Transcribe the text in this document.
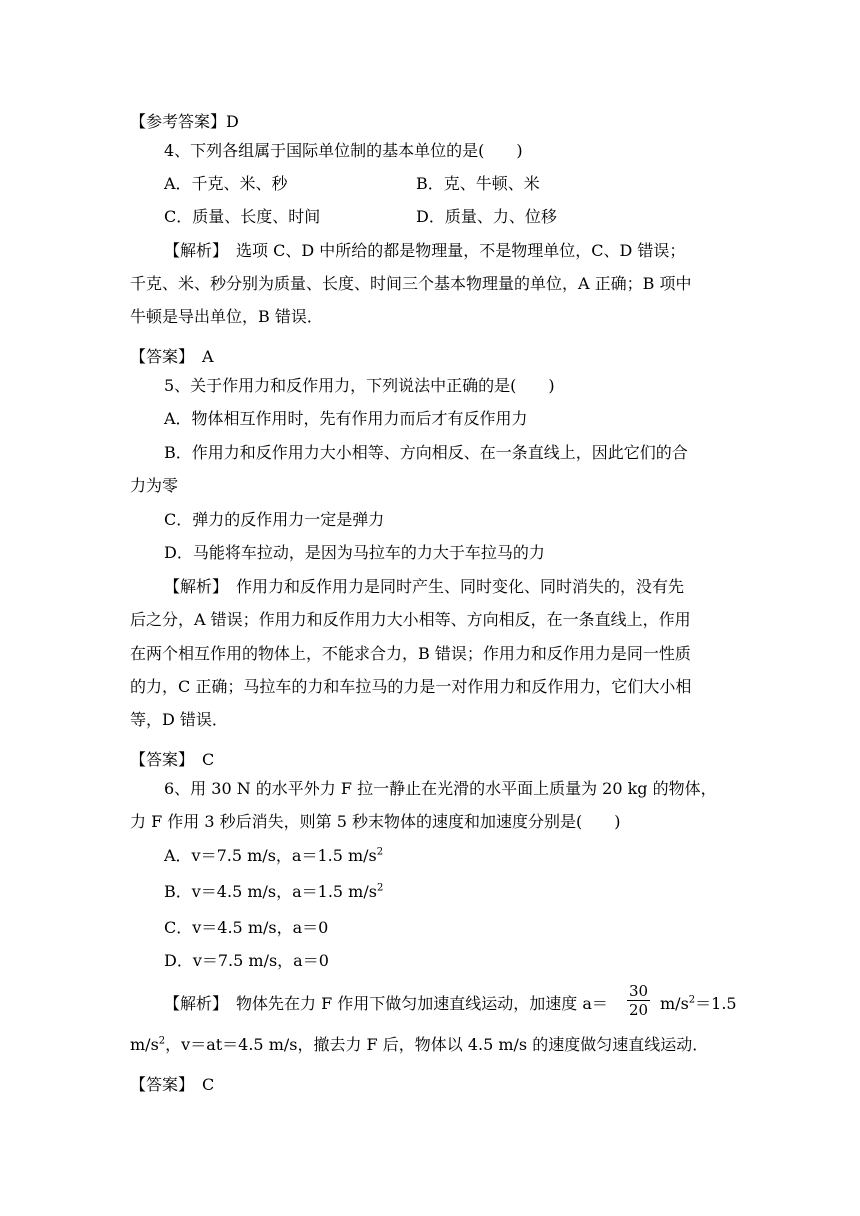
【参考答案】D
4、下列各组属于国际单位制的基本单位的是(　　)
A．千克、米、秒	B．克、牛顿、米
C．质量、长度、时间	D．质量、力、位移
【解析】　选项 C、D 中所给的都是物理量，不是物理单位，C、D 错误；
千克、米、秒分别为质量、长度、时间三个基本物理量的单位，A 正确；B 项中
牛顿是导出单位，B 错误．
【答案】　A
5、关于作用力和反作用力，下列说法中正确的是(　　)
A．物体相互作用时，先有作用力而后才有反作用力
B．作用力和反作用力大小相等、方向相反、在一条直线上，因此它们的合
力为零
C．弹力的反作用力一定是弹力
D．马能将车拉动，是因为马拉车的力大于车拉马的力
【解析】　作用力和反作用力是同时产生、同时变化、同时消失的，没有先
后之分，A 错误；作用力和反作用力大小相等、方向相反，在一条直线上，作用
在两个相互作用的物体上，不能求合力，B 错误；作用力和反作用力是同一性质
的力，C 正确；马拉车的力和车拉马的力是一对作用力和反作用力，它们大小相
等，D 错误．
【答案】　C
6、用 30 N 的水平外力 F 拉一静止在光滑的水平面上质量为 20 kg 的物体，
力 F 作用 3 秒后消失，则第 5 秒末物体的速度和加速度分别是(　　)
A．v＝7.5 m/s，a＝1.5 $m/s^2$
B．v＝4.5 m/s，a＝1.5 $m/s^2$
C．v＝4.5 m/s，a＝0
D．v＝7.5 m/s，a＝0
【解析】　物体先在力 F 作用下做匀加速直线运动，加速度 $a= \frac{30}{20} m/s^2=1.5$
$m/s^2$，v＝at＝4.5 m/s，撤去力 F 后，物体以 4.5 m/s 的速度做匀速直线运动．
【答案】　C
